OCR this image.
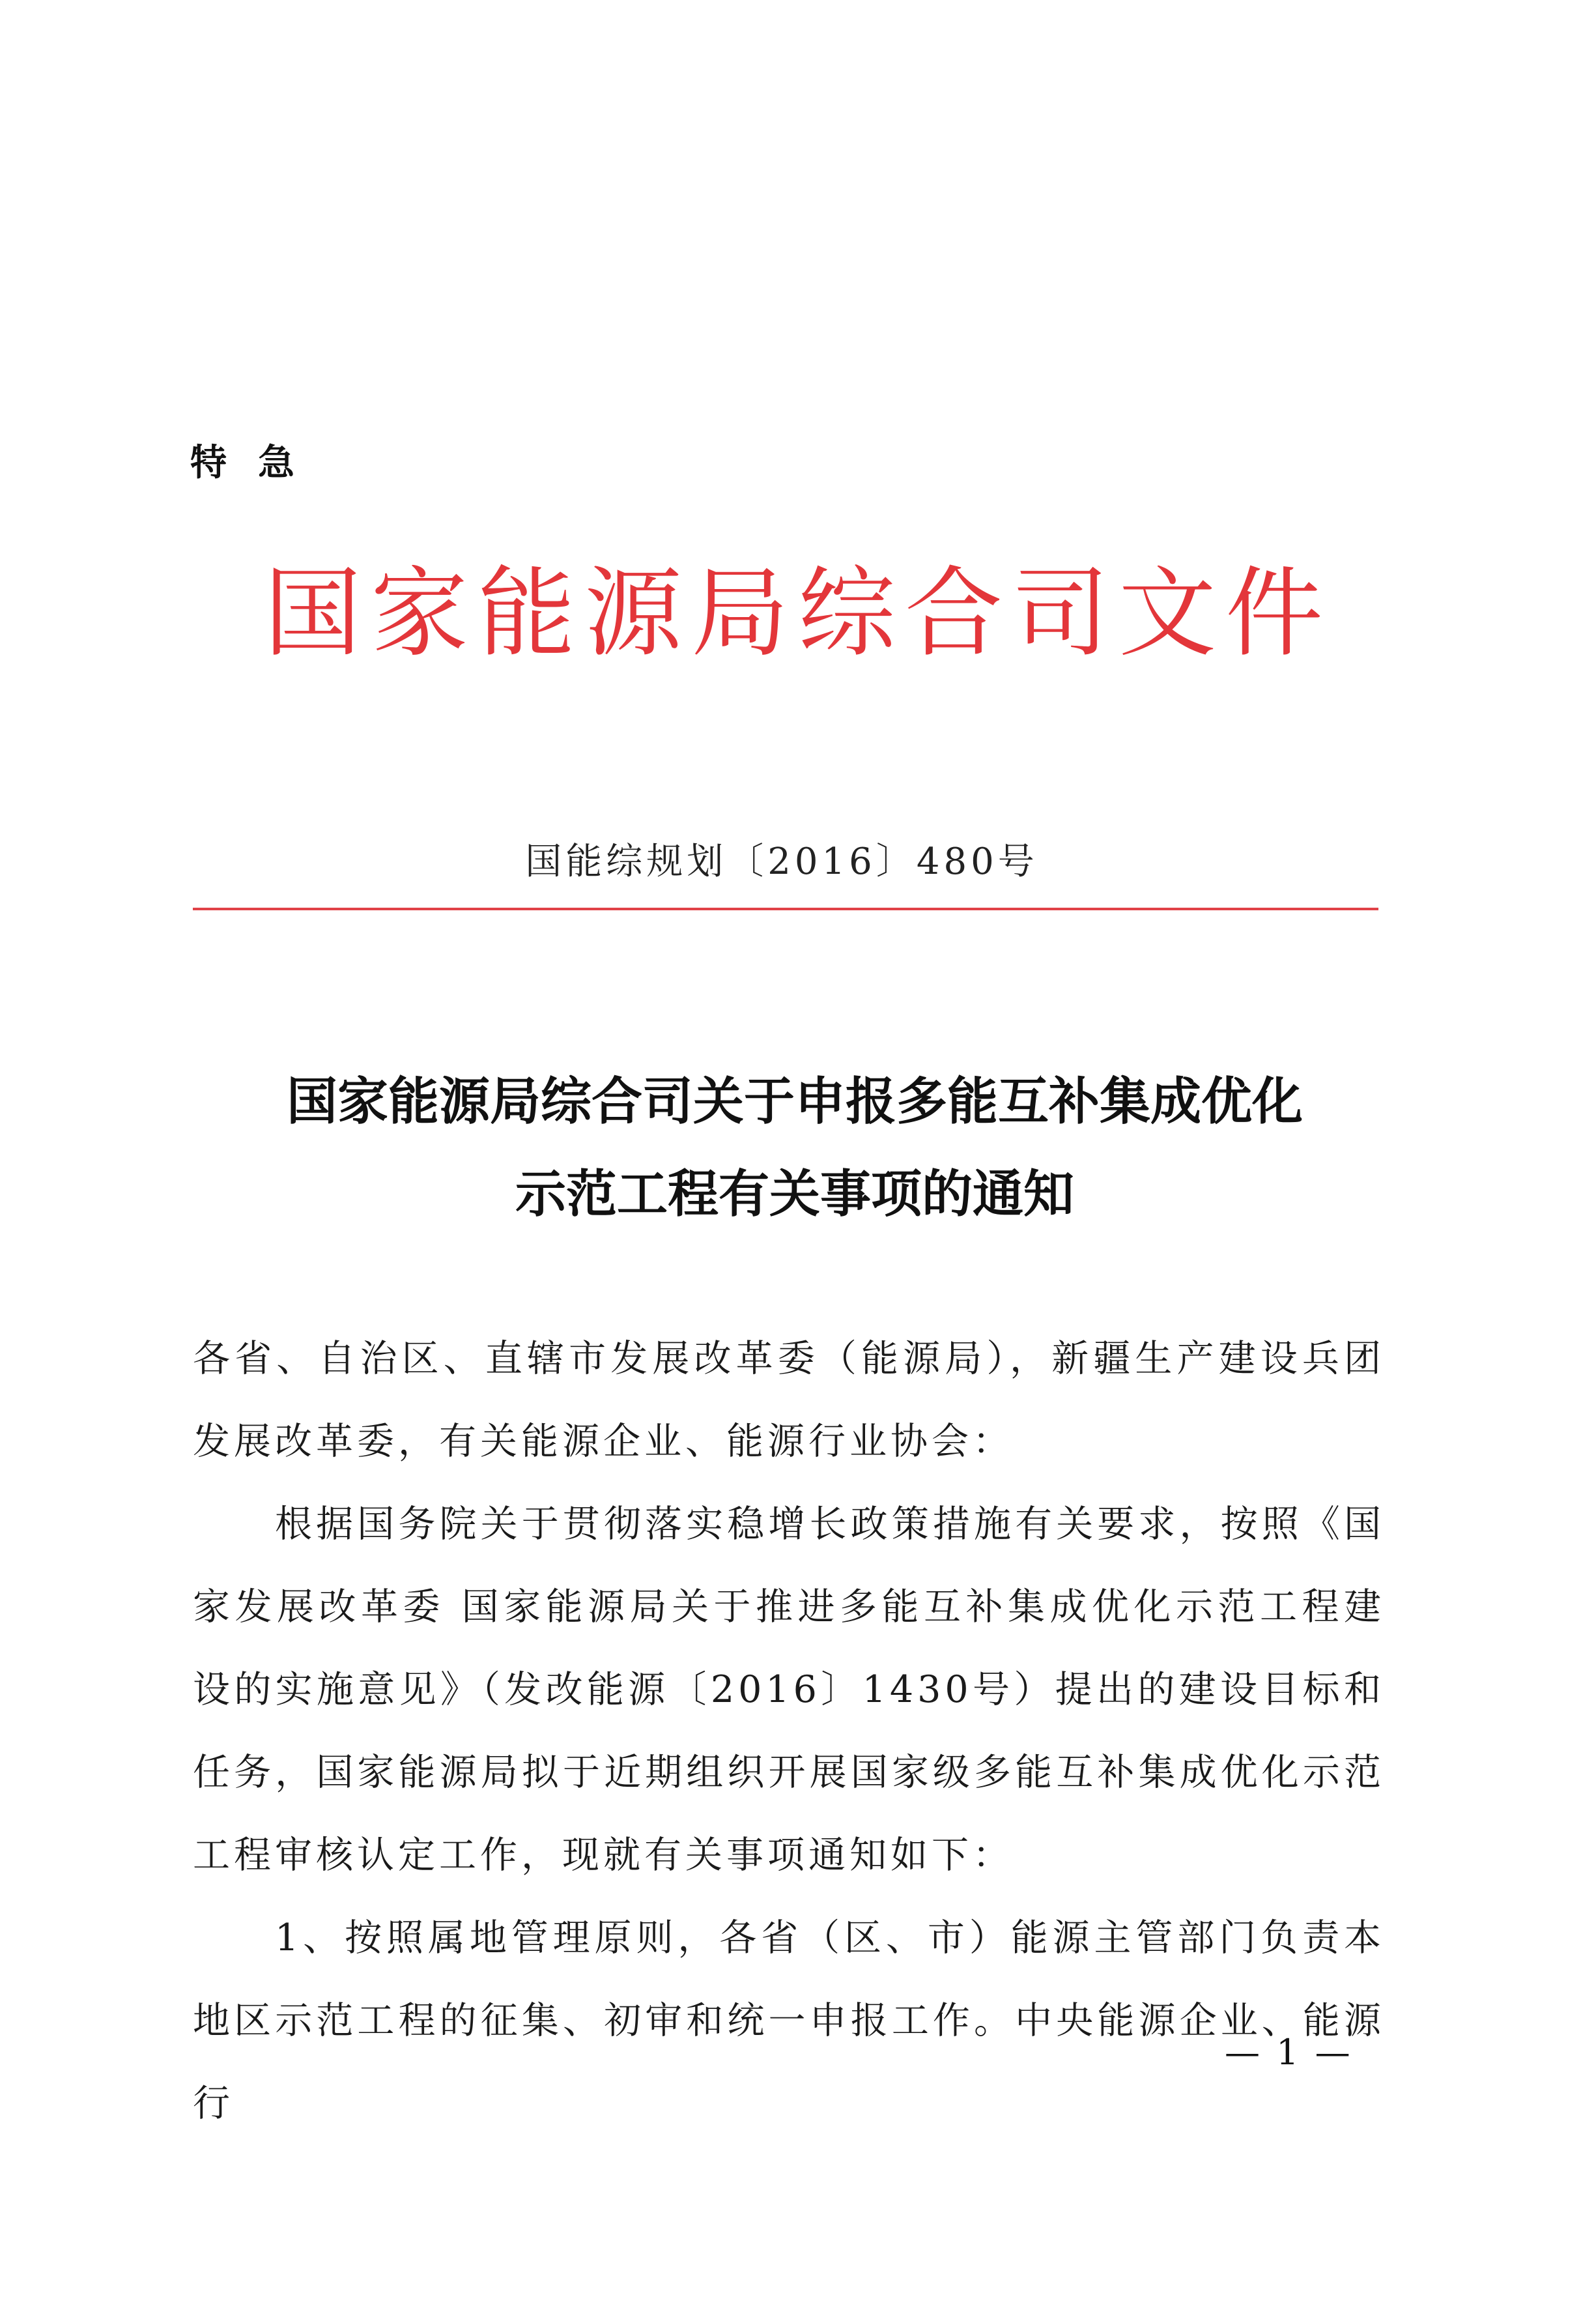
特急
国家能源局综合司文件
国能综规划〔2016〕480号
国家能源局综合司关于申报多能互补集成优化
示范工程有关事项的通知

各省、自治区、直辖市发展改革委（能源局），新疆生产建设兵团发展改革委，有关能源企业、能源行业协会：

根据国务院关于贯彻落实稳增长政策措施有关要求，按照《国家发展改革委 国家能源局关于推进多能互补集成优化示范工程建设的实施意见》（发改能源〔2016〕1430号）提出的建设目标和任务，国家能源局拟于近期组织开展国家级多能互补集成优化示范工程审核认定工作，现就有关事项通知如下：

1、按照属地管理原则，各省（区、市）能源主管部门负责本地区示范工程的征集、初审和统一申报工作。中央能源企业、能源行

— 1 —
